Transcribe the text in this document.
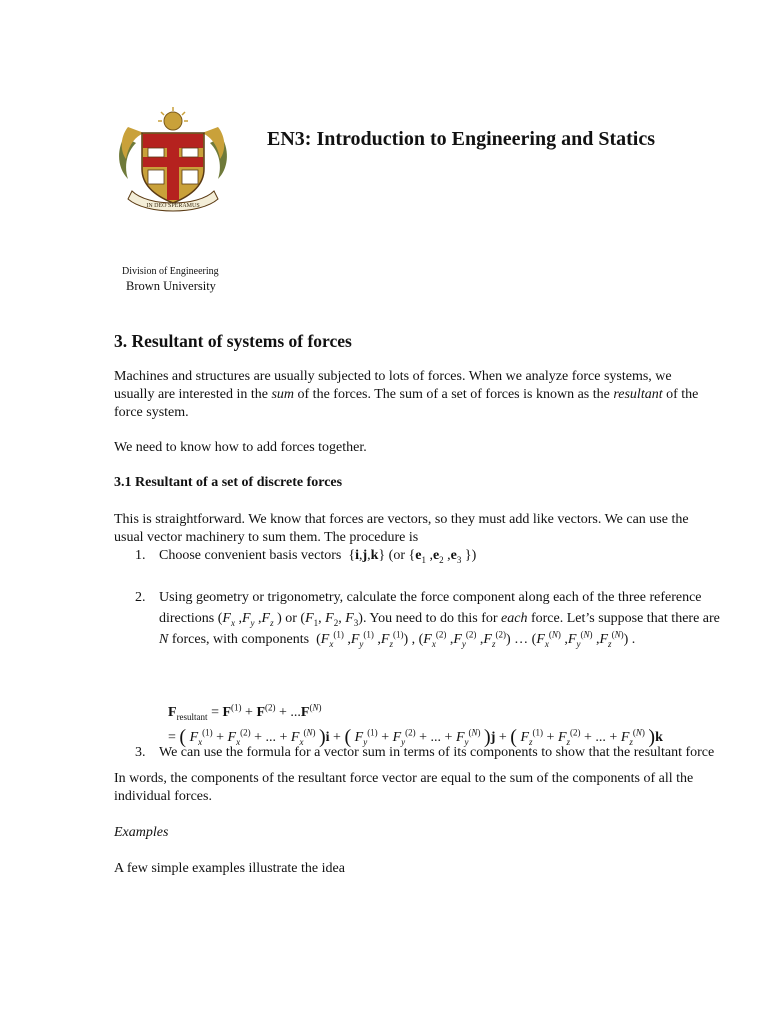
IN DEO SPERAMUS
EN3: Introduction to Engineering and Statics
Division of Engineering
Brown University
3. Resultant of systems of forces
Machines and structures are usually subjected to lots of forces. When we analyze force systems, we usually are interested in the sum of the forces. The sum of a set of forces is known as the resultant of the force system.
We need to know how to add forces together.
3.1 Resultant of a set of discrete forces
This is straightforward. We know that forces are vectors, so they must add like vectors. We can use the usual vector machinery to sum them. The procedure is
1. Choose convenient basis vectors  {i,j,k} (or {$e_1$ $,e_2$ $,e_3$ })
2. Using geometry or trigonometry, calculate the force component along each of the three reference directions ($F_x$ $,F_y$ $,F_z$ ) or ($F_1$, $F_2$, $F_3$). You need to do this for each force. Let’s suppose that there are N forces, with components  ($F_x^{(1)}$ $,F_y^{(1)}$ $,F_z^{(1)}$) , ($F_x^{(2)}$ $,F_y^{(2)}$ $,F_z^{(2)}$) … ($F_x^{(N)}$ $,F_y^{(N)}$ $,F_z^{(N)}$) .
3. We can use the formula for a vector sum in terms of its components to show that the resultant force
$F_{resultant} = F^{(1)} + F^{(2)} + ...F^{(N)}$
= ( $F_x^{(1)} + F_x^{(2)}$ + ... + $F_x^{(N)}$ )i + ( $F_y^{(1)} + F_y^{(2)}$ + ... + $F_y^{(N)}$ )j + ( $F_z^{(1)} + F_z^{(2)}$ + ... + $F_z^{(N)}$ )k
In words, the components of the resultant force vector are equal to the sum of the components of all the individual forces.
Examples
A few simple examples illustrate the idea
